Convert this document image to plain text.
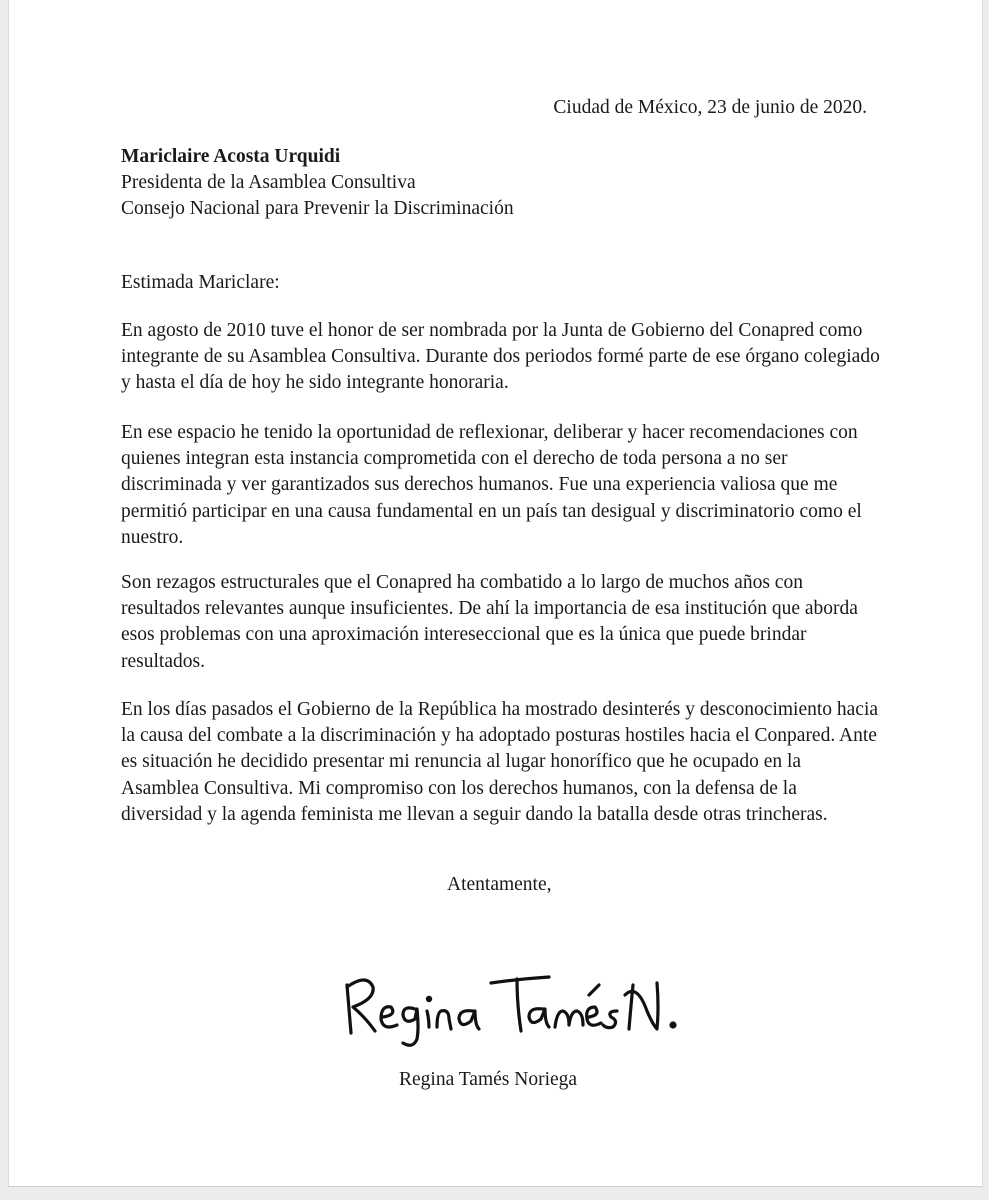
Ciudad de México, 23 de junio de 2020.

Mariclaire Acosta Urquidi
Presidenta de la Asamblea Consultiva
Consejo Nacional para Prevenir la Discriminación

Estimada Mariclare:

En agosto de 2010 tuve el honor de ser nombrada por la Junta de Gobierno del Conapred como integrante de su Asamblea Consultiva. Durante dos periodos formé parte de ese órgano colegiado y hasta el día de hoy he sido integrante honoraria.

En ese espacio he tenido la oportunidad de reflexionar, deliberar y hacer recomendaciones con quienes integran esta instancia comprometida con el derecho de toda persona a no ser discriminada y ver garantizados sus derechos humanos. Fue una experiencia valiosa que me permitió participar en una causa fundamental en un país tan desigual y discriminatorio como el nuestro.

Son rezagos estructurales que el Conapred ha combatido a lo largo de muchos años con resultados relevantes aunque insuficientes. De ahí la importancia de esa institución que aborda esos problemas con una aproximación intereseccional que es la única que puede brindar resultados.

En los días pasados el Gobierno de la República ha mostrado desinterés y desconocimiento hacia la causa del combate a la discriminación y ha adoptado posturas hostiles hacia el Conpared. Ante es situación he decidido presentar mi renuncia al lugar honorífico que he ocupado en la Asamblea Consultiva. Mi compromiso con los derechos humanos, con la defensa de la diversidad y la agenda feminista me llevan a seguir dando la batalla desde otras trincheras.

Atentamente,

Regina Tamés Noriega
